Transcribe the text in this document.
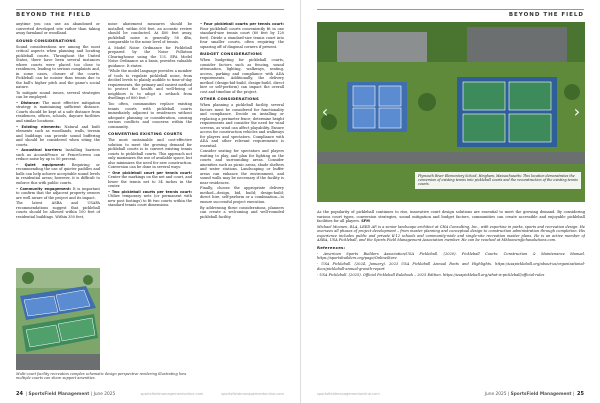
BEYOND THE FIELD

anytime you can use an abandoned or converted developed site rather than taking away farmland or woodland.

SOUND CONSIDERATIONS

Sound considerations are among the most critical aspects when planning and locating pickleball courts. Throughout the United States, there have been several instances where courts were placed too close to residences, leading to serious complaints and, in some cases, closure of the courts. Pickleball can be noisier than tennis due to the ball's higher pitch and the game's social nature.

To mitigate sound issues, several strategies can be employed:

• Distance: The most effective mitigation strategy is maintaining sufficient distance. Courts should be kept at a safe distance from residences, offices, schools, daycare facilities and similar locations.

• Existing elements: Natural and built elements such as woodlands, walls, terrain and buildings can provide sound buffering and should be considered when siting the courts.

• Acoustical barriers: Installing barriers such as AcoustiFence or FenceScreen can reduce noise by up to 50 percent.

• Quiet equipment: Requiring or recommending the use of quieter paddles and balls can help achieve acceptable sound levels in residential areas; however, it is difficult to enforce this with public courts.

• Community engagement: It is important to confirm that the adjacent property owners are well aware of the project and its impact.

The latest ASBA and USAPA recommendations suggest that pickleball courts should be allowed within 100 feet of residential buildings. Within 350 feet,

noise abatement measures should be installed; within 600 feet, an acoustic review should be conducted. At 400 feet away, pickleball noise is generally 58 dBa, comparable to the noise level of tennis.

A Model Noise Ordinance for Pickleball prepared by the Noise Pollution Clearinghouse using the U.S. EPA Model Noise Ordinance as a basis, provides valuable guidance. It states:

"While the model language provides a number of tools to regulate pickleball noise, from decibel levels to plainly audible to time-of-day requirements, the primary and easiest method to protect the health and well-being of neighbors is to adopt a setback from dwellings of 800 feet."

Too often, communities replace existing tennis courts with pickleball courts immediately adjacent to residences without adequate planning or consideration, causing serious conflicts and concerns within the community.

CONVERTING EXISTING COURTS

The most sustainable and cost-effective solution to meet the growing demand for pickleball courts is to convert existing tennis courts to pickleball courts. This approach not only maximizes the use of available space, but also minimizes the need for new construction. Conversion can be done in several ways:

• One pickleball court per tennis court: Center the markings on the net and court, and lower the tennis net to 34 inches in the center.

• Two pickleball courts per tennis court: Utilize temporary nets (or permanent with new post footings) to fit two courts within the standard tennis court dimensions.

• Four pickleball courts per tennis court: Four pickleball courts conveniently fit in one standard-size tennis court (60 feet by 120 feet). Divide a standard-size tennis court into four smaller courts, often requiring the squaring off of diagonal corners if present.

BUDGET CONSIDERATIONS

When budgeting for pickleball courts, consider factors such as fencing, sound attenuation, lighting, walkways, seating, access, parking and compliance with ADA requirements. Additionally, the delivery method (design-bid-build, design-build, direct hire or self-perform) can impact the overall cost and timeline of the project.

OTHER CONSIDERATIONS

When planning a pickleball facility, several factors must be considered for functionality and compliance. Decide on installing or replacing a perimeter fence; determine height requirements and consider the need for wind screens, as wind can affect playability. Ensure access for construction vehicles and walkways for players and spectators. Compliance with ADA and other relevant requirements is essential.

Consider seating for spectators and players waiting to play, and plan for lighting on the courts and surrounding areas. Consider amenities such as picnic areas, shade shelters and water stations. Landscaping or buffer areas can enhance the environment, and sound walls may be necessary if the facility is near residences.

Finally, choose the appropriate delivery method—design, bid, build; design-build; direct hire, self-perform or a combination—to ensure successful project execution.

By addressing these considerations, planners can create a welcoming and well-rounded pickleball facility.

Multi-court facility recreation complex schematic design perspective rendering illustrating how multiple courts can share support amenities.
24  | SportsField Management | June 2025	sportsfieldmanagementonline.com	sportsfieldmanagementonline.com
BEYOND THE FIELD
‹	›
Plymouth River Elementary School, Hingham, Massachusetts: This location demonstrates the conversion of existing tennis into pickleball courts and the reconstruction of the existing tennis courts.

As the popularity of pickleball continues to rise, innovative court design solutions are essential to meet the growing demand. By considering various court types, conversion strategies, sound mitigation and budget factors, communities can create accessible and enjoyable pickleball facilities for all players. SFM

Michael Moonen, RLA, LEED AP, is a senior landscape architect at CHA Consulting, Inc., with expertise in parks, sports and recreation design. He oversees all phases of project development – from master planning and conceptual design to construction administration through completion. His experience includes public and private K-12 schools and community-wide and single-site recreation master plans. He is an active member of ASBA, USA Pickleball, and the Sports Field Management Association member. He can be reached at MMoonen@chasolutions.com.

References:

- American Sports Builders Association/USA Pickleball. (2020). Pickleball Courts: Construction & Maintenance Manual. https://sportsbuilders.org/page/OnlineStore

- USA Pickleball. (2024, January). 2023 USA Pickleball Annual Facts and Highlights. https://usapickleball.org/about-us/organizational-docs/pickleball-annual-growth-report

- USA Pickleball. (2025). Official Pickleball Rulebook – 2025 Edition. https://usapickleball.org/what-is-pickleball/official-rules

sportsfieldmanagementonline.com	June 2025 | SportsField Management |  25
